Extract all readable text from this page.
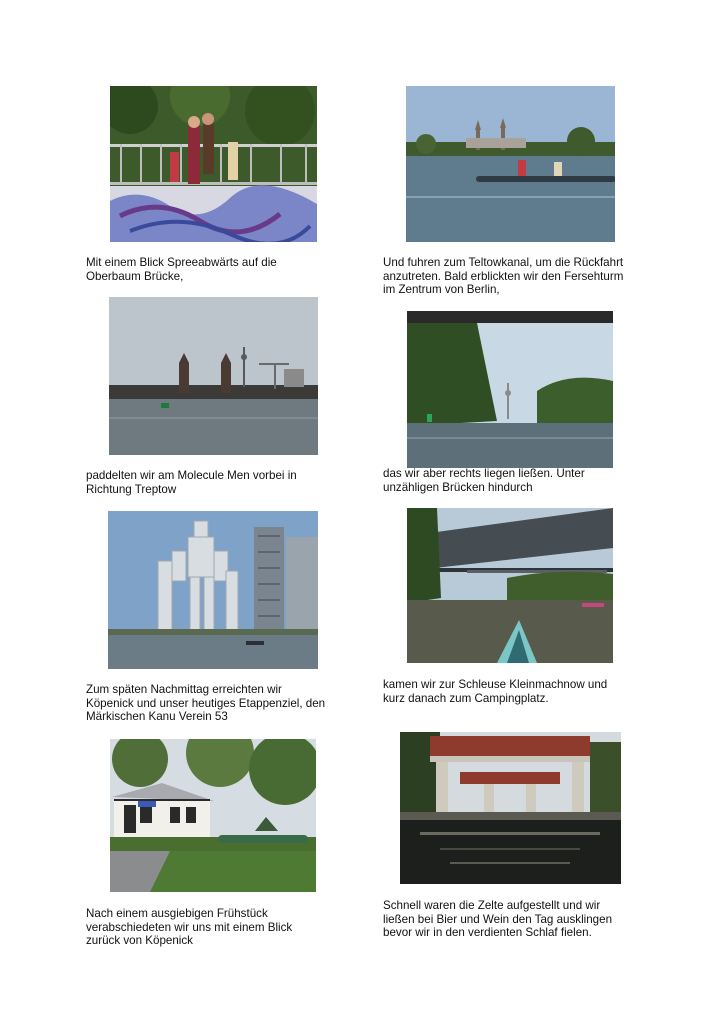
Mit einem Blick Spreeabwärts auf die
Oberbaum Brücke,

Und fuhren zum Teltowkanal, um die Rückfahrt
anzutreten. Bald erblickten wir den Fersehturm
im Zentrum von Berlin,

paddelten wir am Molecule Men vorbei in
Richtung Treptow

das wir aber rechts liegen ließen. Unter
unzähligen Brücken hindurch

Zum späten Nachmittag erreichten wir
Köpenick und unser heutiges Etappenziel, den
Märkischen Kanu Verein 53

kamen wir zur Schleuse Kleinmachnow und
kurz danach zum Campingplatz.

Nach einem ausgiebigen Frühstück
verabschiedeten wir uns mit einem Blick
zurück von Köpenick

Schnell waren die Zelte aufgestellt und wir
ließen bei Bier und Wein den Tag ausklingen
bevor wir in den verdienten Schlaf fielen.
